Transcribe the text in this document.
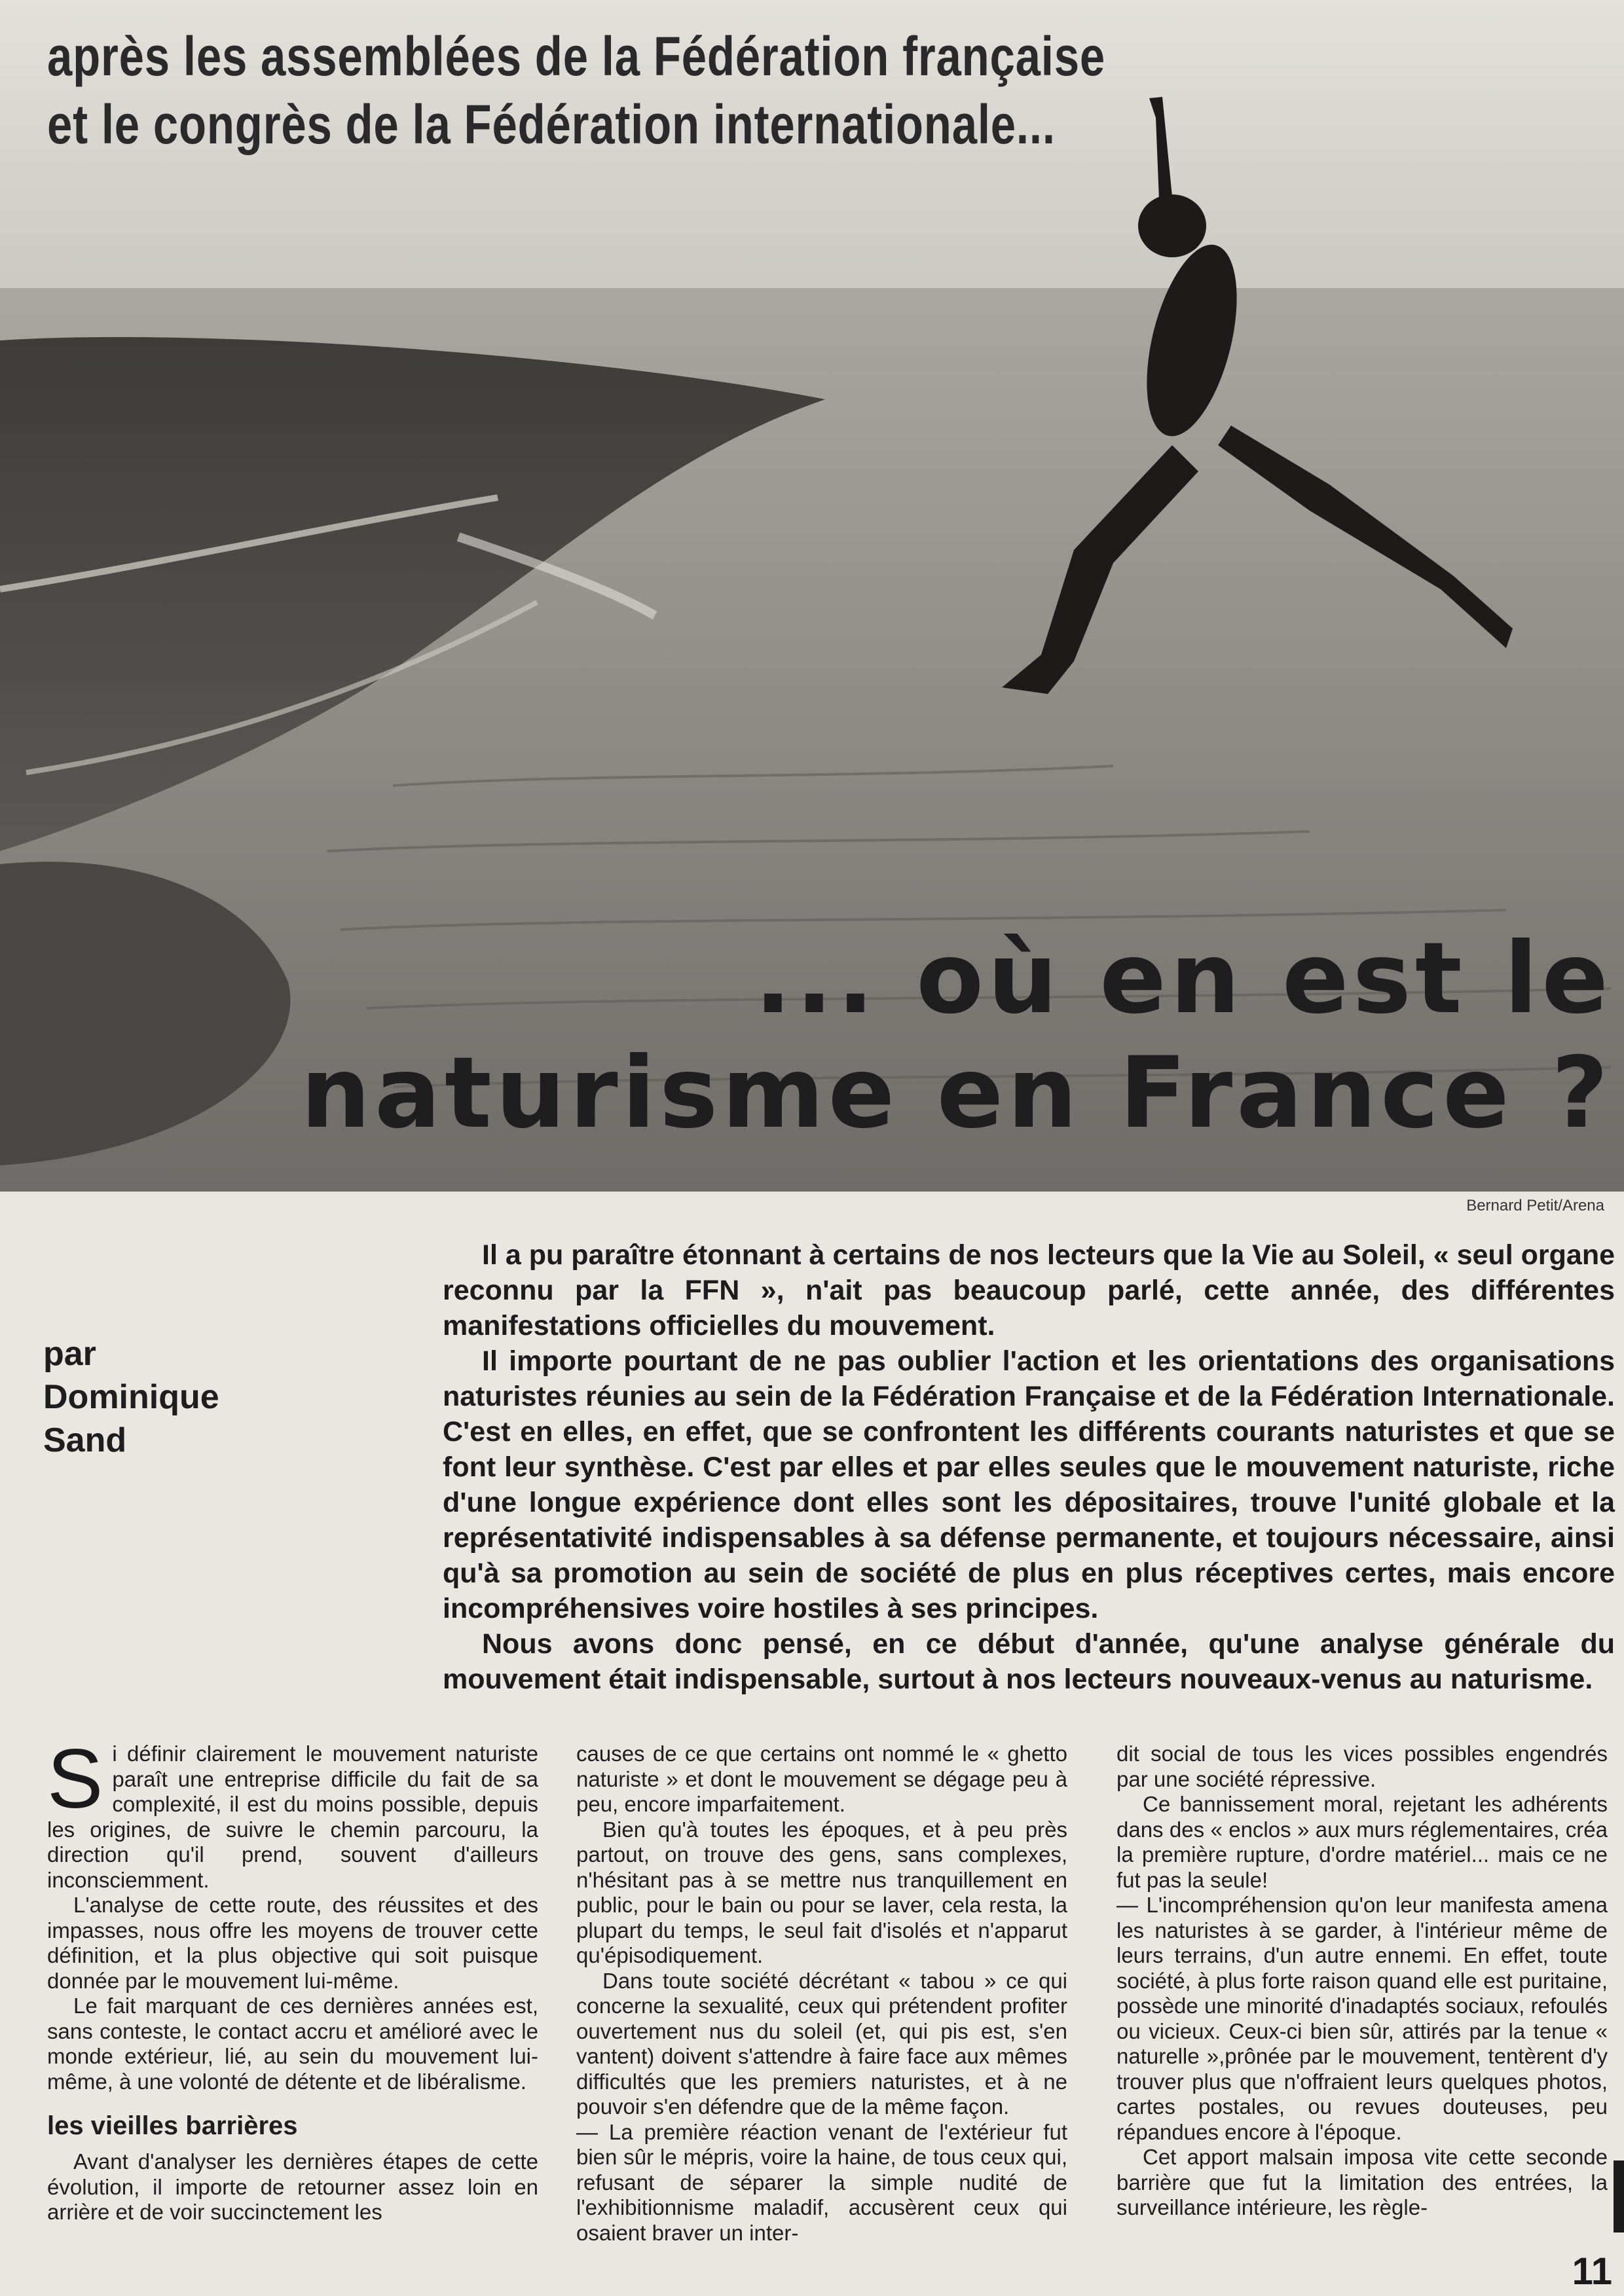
après les assemblées de la Fédération française
et le congrès de la Fédération internationale...
... où en est le
naturisme en France ?
Bernard Petit/Arena
par
Dominique
Sand

Il a pu paraître étonnant à certains de nos lecteurs que la Vie au Soleil, « seul organe reconnu par la FFN », n'ait pas beaucoup parlé, cette année, des différentes manifestations officielles du mouvement.

Il importe pourtant de ne pas oublier l'action et les orientations des organisations naturistes réunies au sein de la Fédération Française et de la Fédération Internationale. C'est en elles, en effet, que se confrontent les différents courants naturistes et que se font leur synthèse. C'est par elles et par elles seules que le mouvement naturiste, riche d'une longue expérience dont elles sont les dépositaires, trouve l'unité globale et la représentativité indispensables à sa défense permanente, et toujours nécessaire, ainsi qu'à sa promotion au sein de société de plus en plus réceptives certes, mais encore incompréhensives voire hostiles à ses principes.

Nous avons donc pensé, en ce début d'année, qu'une analyse générale du mouvement était indispensable, surtout à nos lecteurs nouveaux-venus au naturisme.

Si définir clairement le mouvement naturiste paraît une entreprise difficile du fait de sa complexité, il est du moins possible, depuis les origines, de suivre le chemin parcouru, la direction qu'il prend, souvent d'ailleurs inconsciemment.

L'analyse de cette route, des réussites et des impasses, nous offre les moyens de trouver cette définition, et la plus objective qui soit puisque donnée par le mouvement lui-même.

Le fait marquant de ces dernières années est, sans conteste, le contact accru et amélioré avec le monde extérieur, lié, au sein du mouvement lui-même, à une volonté de détente et de libéralisme.

les vieilles barrières

Avant d'analyser les dernières étapes de cette évolution, il importe de retourner assez loin en arrière et de voir succinctement les

causes de ce que certains ont nommé le « ghetto naturiste » et dont le mouvement se dégage peu à peu, encore imparfaitement.

Bien qu'à toutes les époques, et à peu près partout, on trouve des gens, sans complexes, n'hésitant pas à se mettre nus tranquillement en public, pour le bain ou pour se laver, cela resta, la plupart du temps, le seul fait d'isolés et n'apparut qu'épisodiquement.

Dans toute société décrétant « tabou » ce qui concerne la sexualité, ceux qui prétendent profiter ouvertement nus du soleil (et, qui pis est, s'en vantent) doivent s'attendre à faire face aux mêmes difficultés que les premiers naturistes, et à ne pouvoir s'en défendre que de la même façon.

— La première réaction venant de l'extérieur fut bien sûr le mépris, voire la haine, de tous ceux qui, refusant de séparer la simple nudité de l'exhibitionnisme maladif, accusèrent ceux qui osaient braver un inter-

dit social de tous les vices possibles engendrés par une société répressive.

Ce bannissement moral, rejetant les adhérents dans des « enclos » aux murs réglementaires, créa la première rupture, d'ordre matériel... mais ce ne fut pas la seule!

— L'incompréhension qu'on leur manifesta amena les naturistes à se garder, à l'intérieur même de leurs terrains, d'un autre ennemi. En effet, toute société, à plus forte raison quand elle est puritaine, possède une minorité d'inadaptés sociaux, refoulés ou vicieux. Ceux-ci bien sûr, attirés par la tenue « naturelle »,prônée par le mouvement, tentèrent d'y trouver plus que n'offraient leurs quelques photos, cartes postales, ou revues douteuses, peu répandues encore à l'époque.

Cet apport malsain imposa vite cette seconde barrière que fut la limitation des entrées, la surveillance intérieure, les règle-

11
